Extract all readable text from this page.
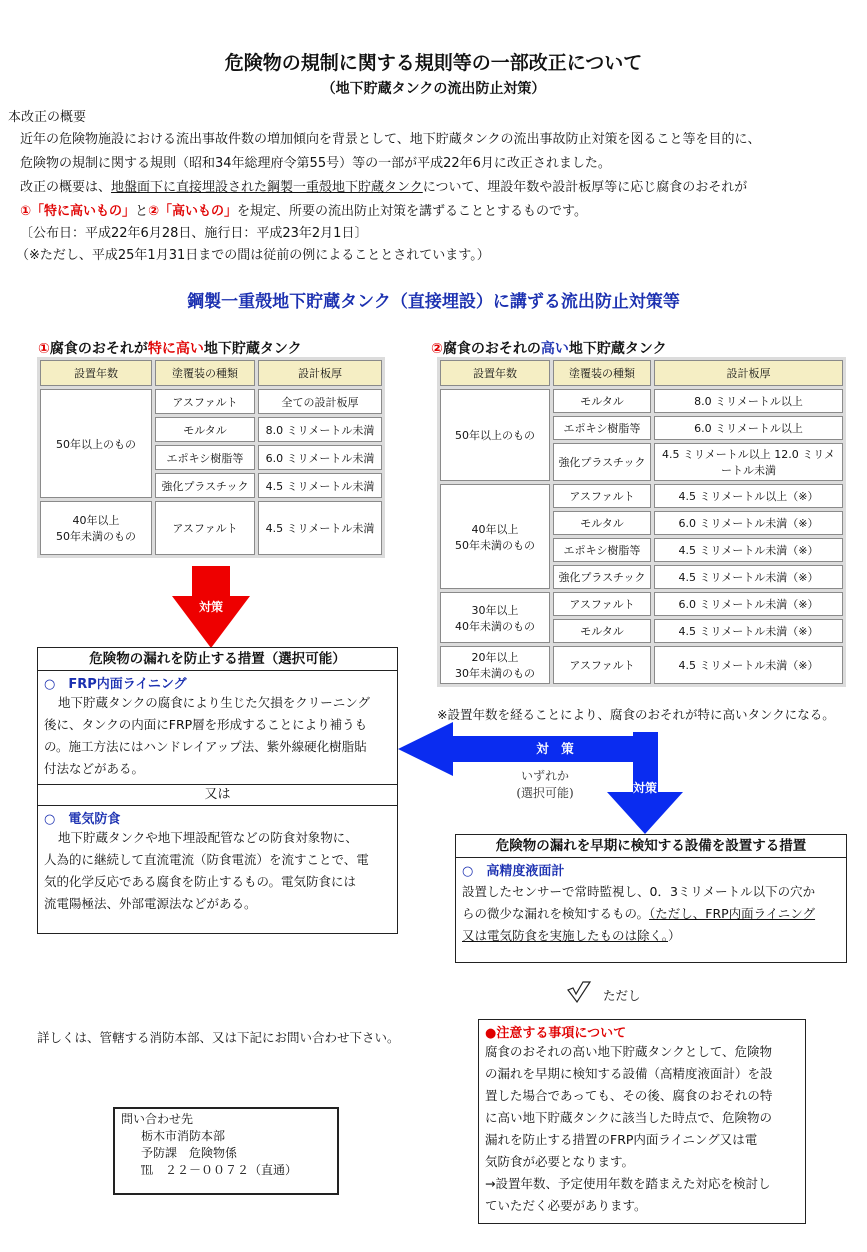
危険物の規制に関する規則等の一部改正について
（地下貯蔵タンクの流出防止対策）
本改正の概要
近年の危険物施設における流出事故件数の増加傾向を背景として、地下貯蔵タンクの流出事故防止対策を図ること等を目的に、
危険物の規制に関する規則（昭和34年総理府令第55号）等の一部が平成22年6月に改正されました。
改正の概要は、地盤面下に直接埋設された鋼製一重殻地下貯蔵タンクについて、埋設年数や設計板厚等に応じ腐食のおそれが
①「特に高いもの」と②「高いもの」を規定、所要の流出防止対策を講ずることとするものです。
〔公布日：平成22年6月28日、施行日：平成23年2月1日〕
（※ただし、平成25年1月31日までの間は従前の例によることとされています。）
鋼製一重殻地下貯蔵タンク（直接埋設）に講ずる流出防止対策等
①腐食のおそれが特に高い地下貯蔵タンク
設置年数	塗覆装の種類	設計板厚
50年以上のもの	アスファルト	全ての設計板厚
	モルタル	8.0 ミリメートル未満
	エポキシ樹脂等	6.0 ミリメートル未満
	強化プラスチック	4.5 ミリメートル未満
40年以上
50年未満のもの	アスファルト	4.5 ミリメートル未満
②腐食のおそれの高い地下貯蔵タンク
設置年数	塗覆装の種類	設計板厚
50年以上のもの	モルタル	8.0 ミリメートル以上
	エポキシ樹脂等	6.0 ミリメートル以上
	強化プラスチック	4.5 ミリメートル以上 12.0 ミリメートル未満
40年以上
50年未満のもの	アスファルト	4.5 ミリメートル以上（※）
	モルタル	6.0 ミリメートル未満（※）
	エポキシ樹脂等	4.5 ミリメートル未満（※）
	強化プラスチック	4.5 ミリメートル未満（※）
30年以上
40年未満のもの	アスファルト	6.0 ミリメートル未満（※）
	モルタル	4.5 ミリメートル未満（※）
20年以上
30年未満のもの	アスファルト	4.5 ミリメートル未満（※）
※設置年数を経ることにより、腐食のおそれが特に高いタンクになる。
対策
対　策
対策
いずれか
(選択可能)
危険物の漏れを防止する措置（選択可能）
○　FRP内面ライニング
地下貯蔵タンクの腐食により生じた欠損をクリーニング
後に、タンクの内面にFRP層を形成することにより補うも
の。施工方法にはハンドレイアップ法、紫外線硬化樹脂貼
付法などがある。
又は
○　電気防食
地下貯蔵タンクや地下埋設配管などの防食対象物に、
人為的に継続して直流電流（防食電流）を流すことで、電
気的化学反応である腐食を防止するもの。電気防食には
流電陽極法、外部電源法などがある。
危険物の漏れを早期に検知する設備を設置する措置
○　高精度液面計
設置したセンサーで常時監視し、0．3ミリメートル以下の穴か
らの微少な漏れを検知するもの。（ただし、FRP内面ライニング
又は電気防食を実施したものは除く。）
ただし
●注意する事項について
腐食のおそれの高い地下貯蔵タンクとして、危険物
の漏れを早期に検知する設備（高精度液面計）を設
置した場合であっても、その後、腐食のおそれの特
に高い地下貯蔵タンクに該当した時点で、危険物の
漏れを防止する措置のFRP内面ライニング又は電
気防食が必要となります。
→設置年数、予定使用年数を踏まえた対応を検討し
ていただく必要があります。
詳しくは、管轄する消防本部、又は下記にお問い合わせ下さい。
問い合わせ先
栃木市消防本部
予防課　危険物係
℡　２２－００７２（直通）
